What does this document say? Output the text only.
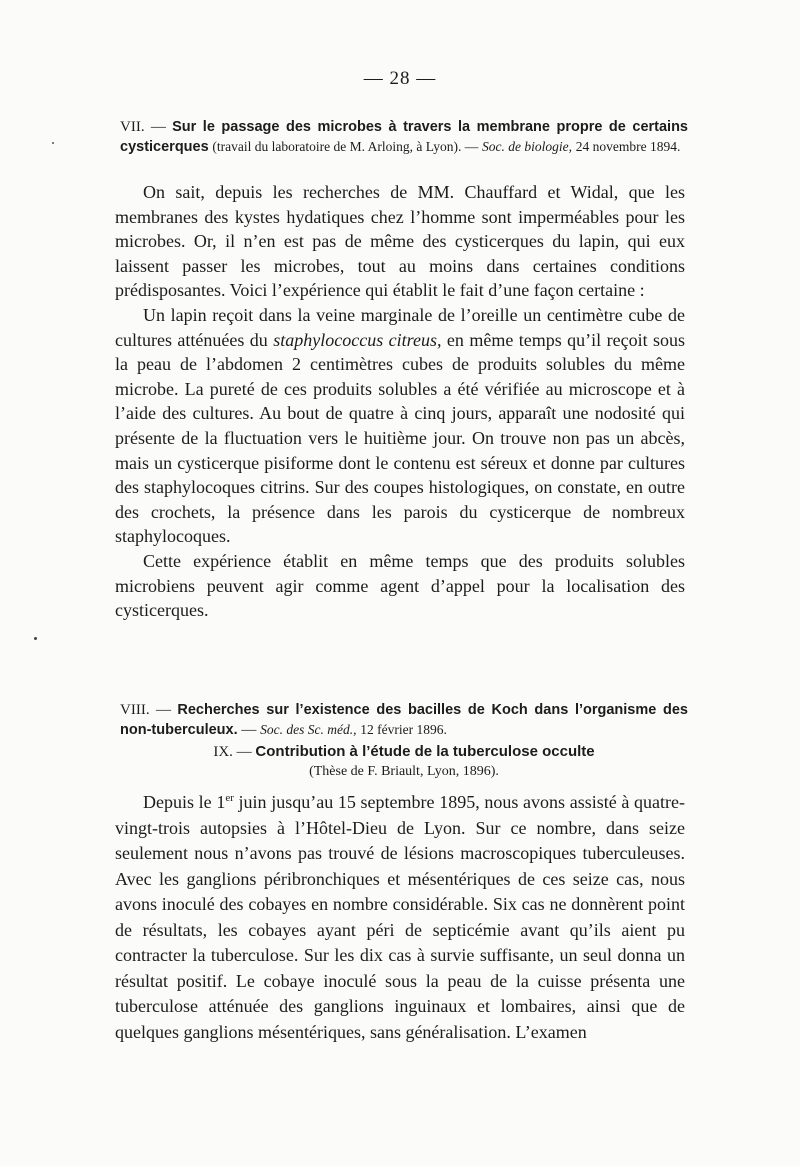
— 28 —
VII. — Sur le passage des microbes à travers la membrane propre de certains cysticerques (travail du laboratoire de M. Arloing, à Lyon). — Soc. de biologie, 24 novembre 1894.

On sait, depuis les recherches de MM. Chauffard et Widal, que les membranes des kystes hydatiques chez l’homme sont imperméables pour les microbes. Or, il n’en est pas de même des cysticerques du lapin, qui eux laissent passer les microbes, tout au moins dans certaines conditions prédisposantes. Voici l’expérience qui établit le fait d’une façon certaine :

Un lapin reçoit dans la veine marginale de l’oreille un centimètre cube de cultures atténuées du staphylococcus citreus, en même temps qu’il reçoit sous la peau de l’abdomen 2 centimètres cubes de produits solubles du même microbe. La pureté de ces produits solubles a été vérifiée au microscope et à l’aide des cultures. Au bout de quatre à cinq jours, apparaît une nodosité qui présente de la fluctuation vers le huitième jour. On trouve non pas un abcès, mais un cysticerque pisiforme dont le contenu est séreux et donne par cultures des staphylocoques citrins. Sur des coupes histologiques, on constate, en outre des crochets, la présence dans les parois du cysticerque de nombreux staphylocoques.

Cette expérience établit en même temps que des produits solubles microbiens peuvent agir comme agent d’appel pour la localisation des cysticerques.

VIII. — Recherches sur l’existence des bacilles de Koch dans l’organisme des non-tuberculeux. — Soc. des Sc. méd., 12 février 1896.
IX. — Contribution à l’étude de la tuberculose occulte
(Thèse de F. Briault, Lyon, 1896).

Depuis le 1er juin jusqu’au 15 septembre 1895, nous avons assisté à quatre-vingt-trois autopsies à l’Hôtel-Dieu de Lyon. Sur ce nombre, dans seize seulement nous n’avons pas trouvé de lésions macroscopiques tuberculeuses. Avec les ganglions péribronchiques et mésentériques de ces seize cas, nous avons inoculé des cobayes en nombre considérable. Six cas ne donnèrent point de résultats, les cobayes ayant péri de septicémie avant qu’ils aient pu contracter la tuberculose. Sur les dix cas à survie suffisante, un seul donna un résultat positif. Le cobaye inoculé sous la peau de la cuisse présenta une tuberculose atténuée des ganglions inguinaux et lombaires, ainsi que de quelques ganglions mésentériques, sans généralisation. L’examen
